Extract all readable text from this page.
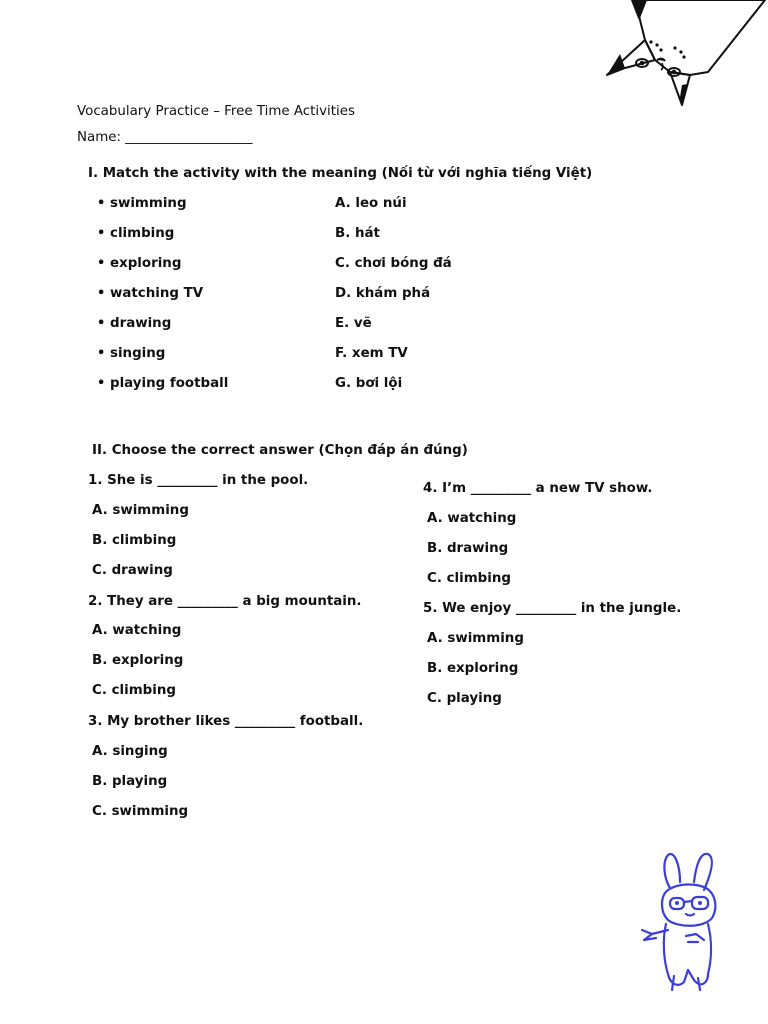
Vocabulary Practice – Free Time Activities
Name: ___________________
I. Match the activity with the meaning (Nối từ với nghĩa tiếng Việt)
• swimming
• climbing
• exploring
• watching TV
• drawing
• singing
• playing football
A. leo núi
B. hát
C. chơi bóng đá
D. khám phá
E. vẽ
F. xem TV
G. bơi lội
II. Choose the correct answer (Chọn đáp án đúng)
1. She is _________ in the pool.
A. swimming
B. climbing
C. drawing
2. They are _________ a big mountain.
A. watching
B. exploring
C. climbing
3. My brother likes _________ football.
A. singing
B. playing
C. swimming
4. I’m _________ a new TV show.
A. watching
B. drawing
C. climbing
5. We enjoy _________ in the jungle.
A. swimming
B. exploring
C. playing
